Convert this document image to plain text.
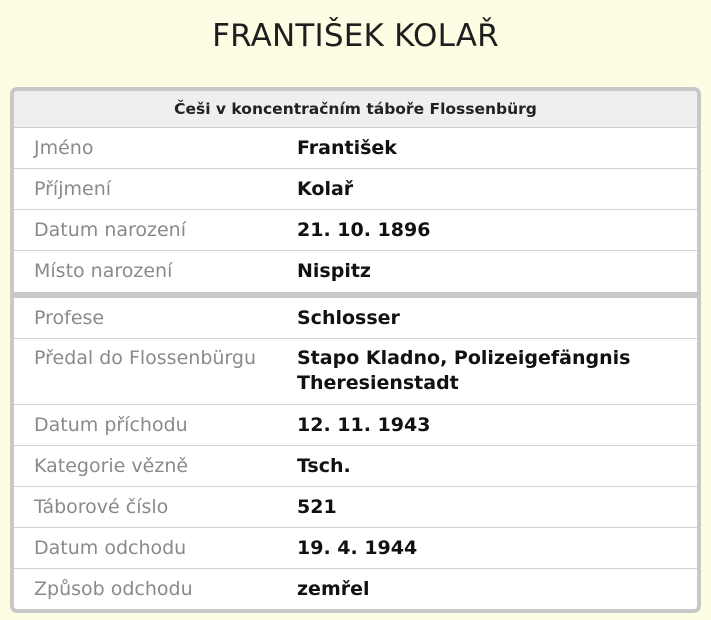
FRANTIŠEK KOLAŘ
Češi v koncentračním táboře Flossenbürg
Jméno	František
Příjmení	Kolař
Datum narození	21. 10. 1896
Místo narození	Nispitz
Profese	Schlosser
Předal do Flossenbürgu	Stapo Kladno, Polizeigefängnis Theresienstadt
Datum příchodu	12. 11. 1943
Kategorie vězně	Tsch.
Táborové číslo	521
Datum odchodu	19. 4. 1944
Způsob odchodu	zemřel
